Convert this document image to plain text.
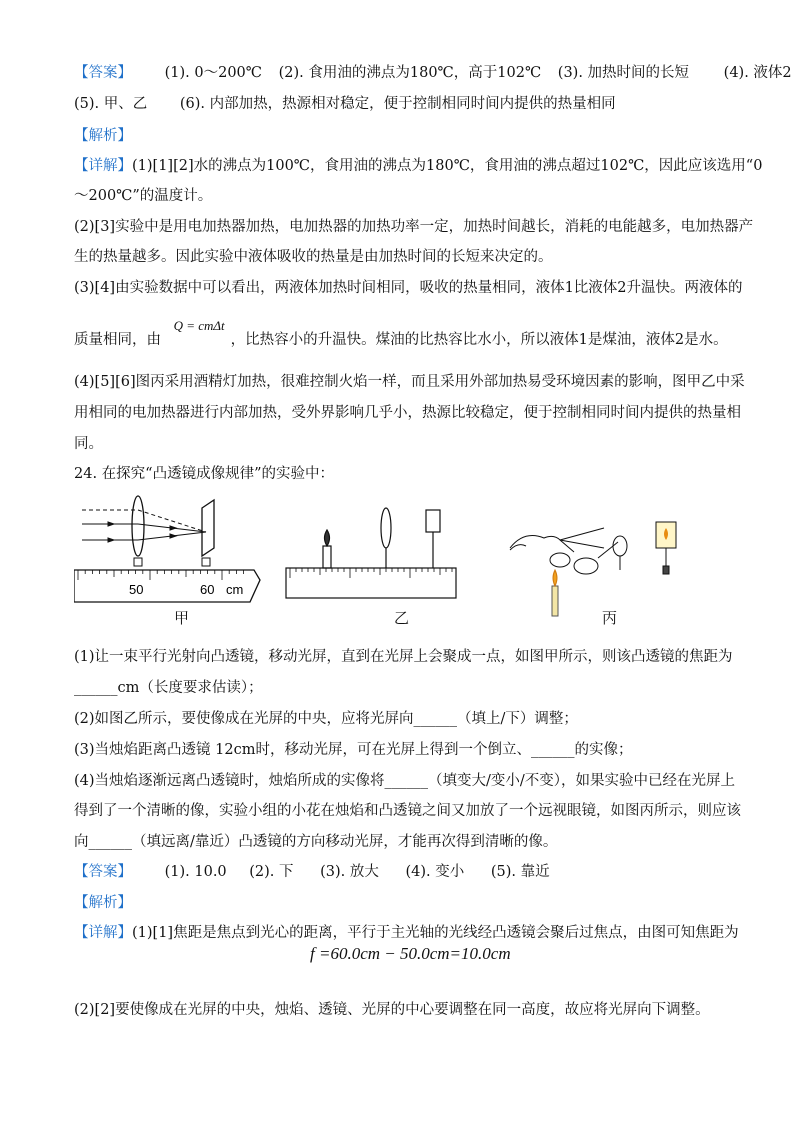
【答案】 (1). 0～200℃ (2). 食用油的沸点为180℃，高于102℃ (3). 加热时间的长短 (4). 液体2
(5). 甲、乙 (6). 内部加热，热源相对稳定，便于控制相同时间内提供的热量相同
【解析】
【详解】(1)[1][2]水的沸点为100℃，食用油的沸点为180℃，食用油的沸点超过102℃，因此应该选用“0
～200℃”的温度计。
(2)[3]实验中是用电加热器加热，电加热器的加热功率一定，加热时间越长，消耗的电能越多，电加热器产
生的热量越多。因此实验中液体吸收的热量是由加热时间的长短来决定的。
(3)[4]由实验数据中可以看出，两液体加热时间相同，吸收的热量相同，液体1比液体2升温快。两液体的
质量相同，由 Q = cmΔt，比热容小的升温快。煤油的比热容比水小，所以液体1是煤油，液体2是水。
(4)[5][6]图丙采用酒精灯加热，很难控制火焰一样，而且采用外部加热易受环境因素的影响，图甲乙中采
用相同的电加热器进行内部加热，受外界影响几乎小，热源比较稳定，便于控制相同时间内提供的热量相
同。
24. 在探究“凸透镜成像规律”的实验中：
50	60 cm
甲	乙	丙
(1)让一束平行光射向凸透镜，移动光屏，直到在光屏上会聚成一点，如图甲所示，则该凸透镜的焦距为
______cm（长度要求估读）；
(2)如图乙所示，要使像成在光屏的中央，应将光屏向______（填上/下）调整；
(3)当烛焰距离凸透镜 12cm时，移动光屏，可在光屏上得到一个倒立、______的实像；
(4)当烛焰逐渐远离凸透镜时，烛焰所成的实像将______（填变大/变小/不变），如果实验中已经在光屏上
得到了一个清晰的像，实验小组的小花在烛焰和凸透镜之间又加放了一个远视眼镜，如图丙所示，则应该
向______（填远离/靠近）凸透镜的方向移动光屏，才能再次得到清晰的像。
【答案】 (1). 10.0 (2). 下 (3). 放大 (4). 变小 (5). 靠近
【解析】
【详解】(1)[1]焦距是焦点到光心的距离，平行于主光轴的光线经凸透镜会聚后过焦点，由图可知焦距为
f =60.0cm − 50.0cm=10.0cm
(2)[2]要使像成在光屏的中央，烛焰、透镜、光屏的中心要调整在同一高度，故应将光屏向下调整。
